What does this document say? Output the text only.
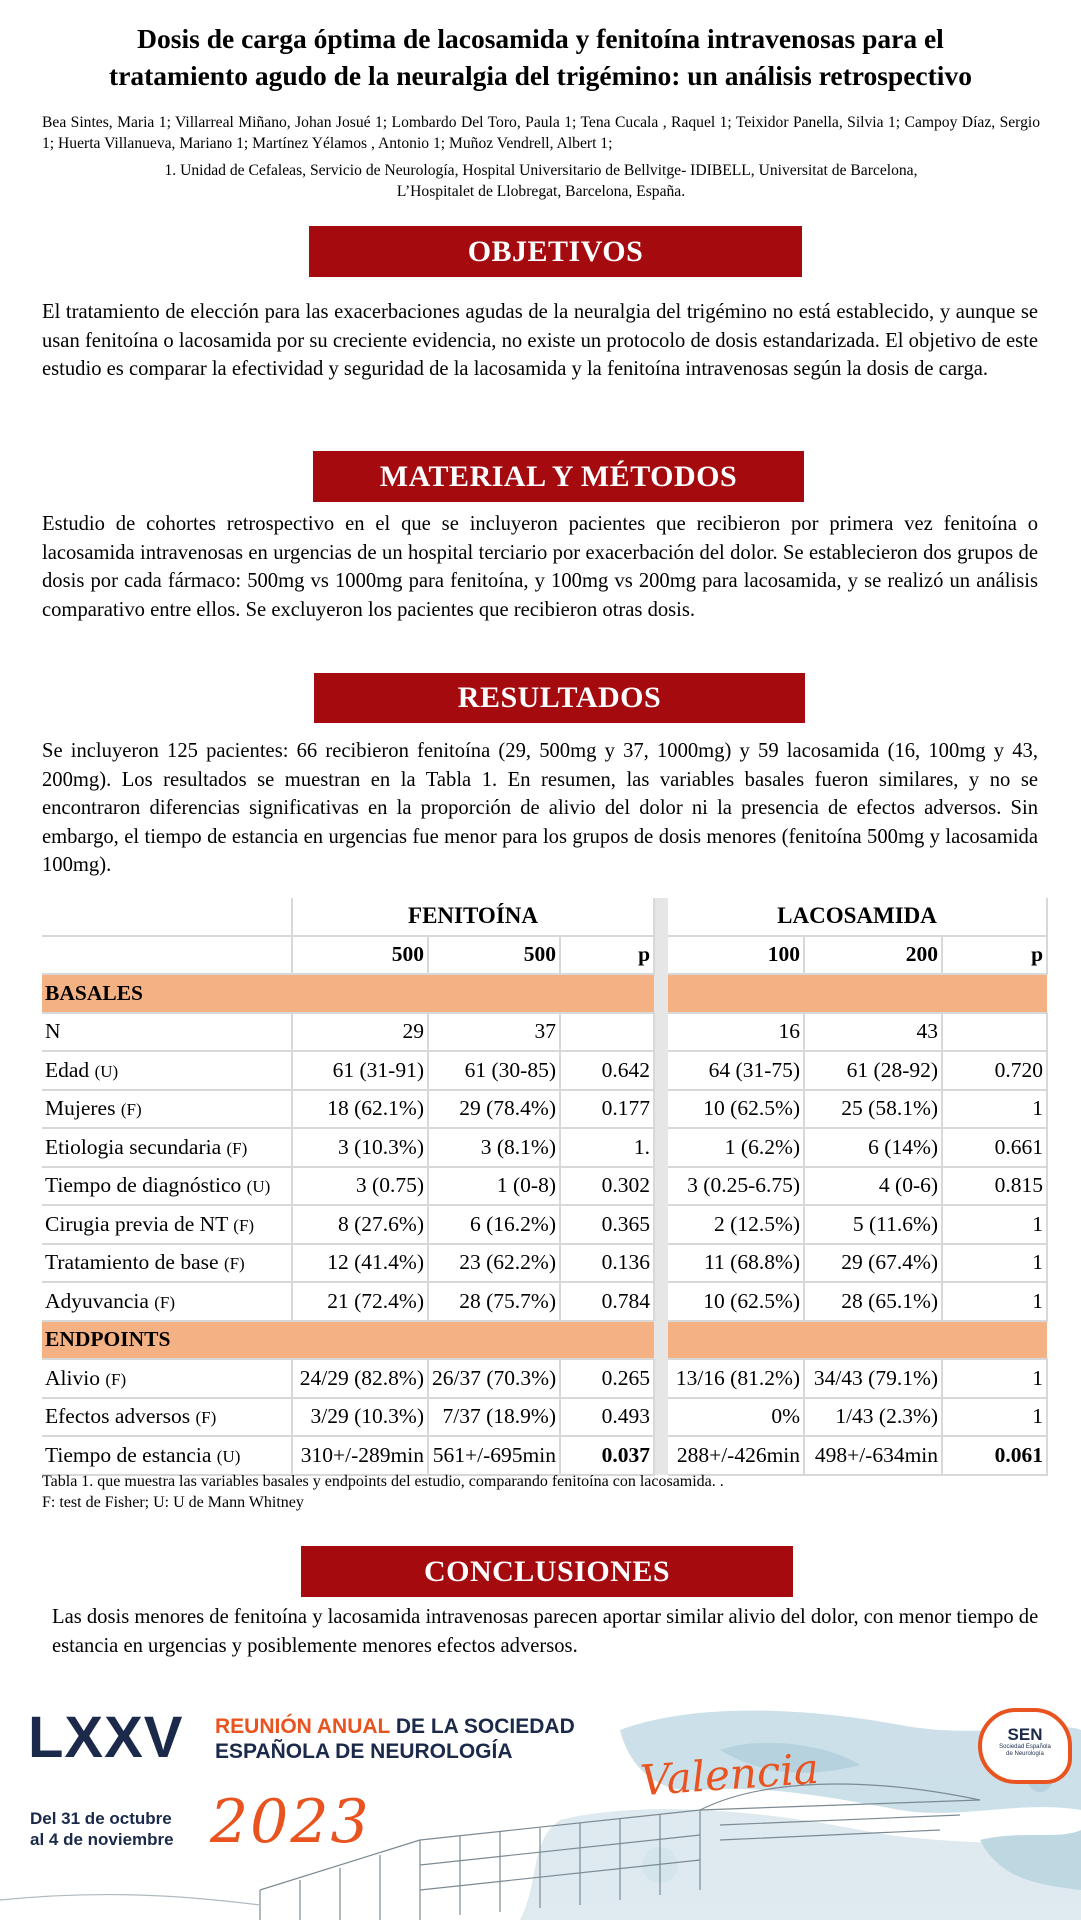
Dosis de carga óptima de lacosamida y fenitoína intravenosas para el
tratamiento agudo de la neuralgia del trigémino: un análisis retrospectivo
Bea Sintes, Maria 1; Villarreal Miñano, Johan Josué 1; Lombardo Del Toro, Paula 1; Tena Cucala , Raquel 1; Teixidor Panella, Silvia 1; Campoy Díaz, Sergio 1; Huerta Villanueva, Mariano 1; Martínez Yélamos , Antonio 1; Muñoz Vendrell, Albert 1;
1. Unidad de Cefaleas, Servicio de Neurología, Hospital Universitario de Bellvitge- IDIBELL, Universitat de Barcelona,
L’Hospitalet de Llobregat, Barcelona, España.
OBJETIVOS
El tratamiento de elección para las exacerbaciones agudas de la neuralgia del trigémino no está establecido, y aunque se usan fenitoína o lacosamida por su creciente evidencia, no existe un protocolo de dosis estandarizada. El objetivo de este estudio es comparar la efectividad y seguridad de la lacosamida y la fenitoína intravenosas según la dosis de carga.
MATERIAL Y MÉTODOS
Estudio de cohortes retrospectivo en el que se incluyeron pacientes que recibieron por primera vez fenitoína o lacosamida intravenosas en urgencias de un hospital terciario por exacerbación del dolor. Se establecieron dos grupos de dosis por cada fármaco: 500mg vs 1000mg para fenitoína, y 100mg vs 200mg para lacosamida, y se realizó un análisis comparativo entre ellos. Se excluyeron los pacientes que recibieron otras dosis.
RESULTADOS
Se incluyeron 125 pacientes: 66 recibieron fenitoína (29, 500mg y 37, 1000mg) y 59 lacosamida (16, 100mg y 43, 200mg). Los resultados se muestran en la Tabla 1. En resumen, las variables basales fueron similares, y no se encontraron diferencias significativas en la proporción de alivio del dolor ni la presencia de efectos adversos. Sin embargo, el tiempo de estancia en urgencias fue menor para los grupos de dosis menores (fenitoína 500mg y lacosamida 100mg).
	FENITOÍNA				LACOSAMIDA		
	500	500	p		100	200	p
BASALES							
N	29	37			16	43	
Edad (U)	61 (31-91)	61 (30-85)	0.642		64 (31-75)	61 (28-92)	0.720
Mujeres (F)	18 (62.1%)	29 (78.4%)	0.177		10 (62.5%)	25 (58.1%)	1
Etiologia secundaria (F)	3 (10.3%)	3 (8.1%)	1.		1 (6.2%)	6 (14%)	0.661
Tiempo de diagnóstico (U)	3 (0.75)	1 (0-8)	0.302		3 (0.25-6.75)	4 (0-6)	0.815
Cirugia previa de NT (F)	8 (27.6%)	6 (16.2%)	0.365		2 (12.5%)	5 (11.6%)	1
Tratamiento de base (F)	12 (41.4%)	23 (62.2%)	0.136		11 (68.8%)	29 (67.4%)	1
Adyuvancia (F)	21 (72.4%)	28 (75.7%)	0.784		10 (62.5%)	28 (65.1%)	1
ENDPOINTS							
Alivio (F)	24/29 (82.8%)	26/37 (70.3%)	0.265		13/16 (81.2%)	34/43 (79.1%)	1
Efectos adversos (F)	3/29 (10.3%)	7/37 (18.9%)	0.493		0%	1/43 (2.3%)	1
Tiempo de estancia (U)	310+/-289min	561+/-695min	0.037		288+/-426min	498+/-634min	0.061
Tabla 1. que muestra las variables basales y endpoints del estudio, comparando fenitoína con lacosamida. .
F: test de Fisher; U: U de Mann Whitney
CONCLUSIONES
Las dosis menores de fenitoína y lacosamida intravenosas parecen aportar similar alivio del dolor, con menor tiempo de estancia en urgencias y posiblemente menores efectos adversos.
LXXV REUNIÓN ANUAL DE LA SOCIEDAD
ESPAÑOLA DE NEUROLOGÍA	Valencia
Del 31 de octubre
al 4 de noviembre 2023
SEN
Sociedad Española
de Neurología
